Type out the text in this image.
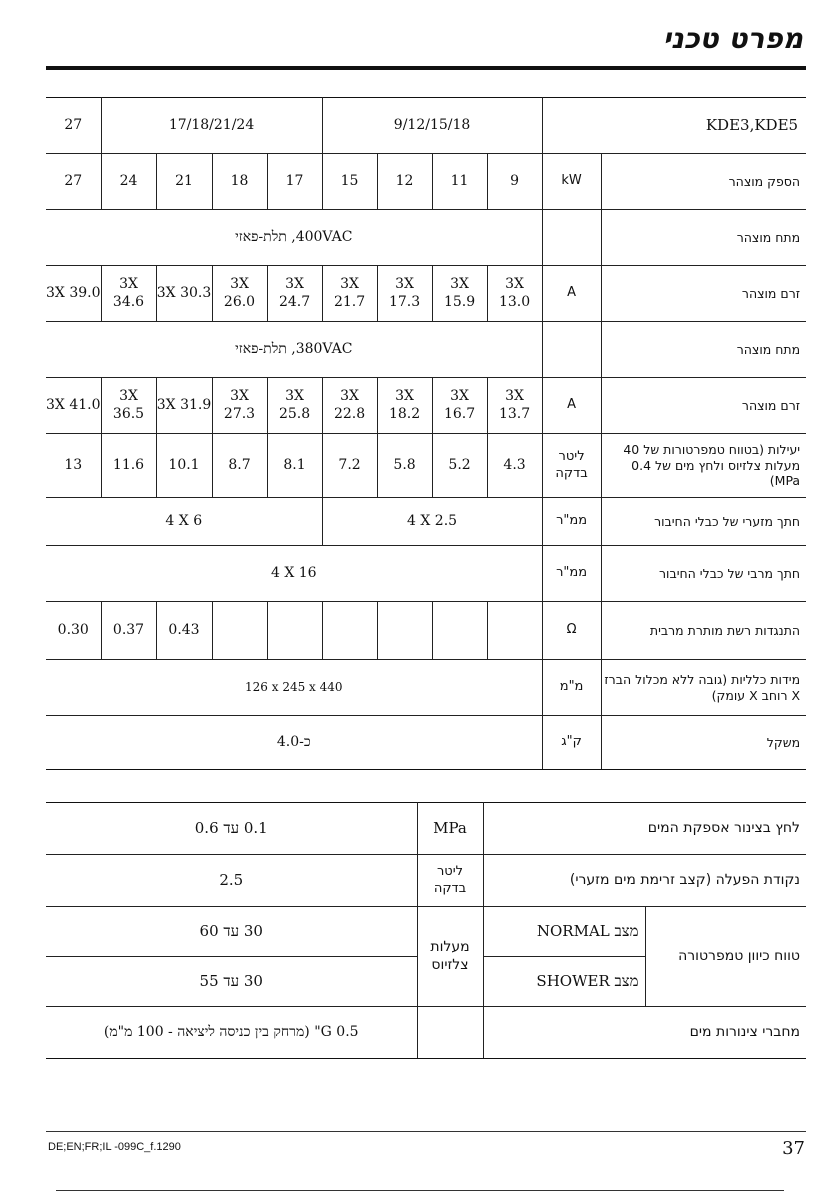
מפרט טכני
27	17/18/21/24				9/12/15/18				KDE3,KDE5	
27	24	21	18	17	15	12	11	9	kW	הספק מוצהר
400VAC, תלת-פאזי										מתח מוצהר
3X 39.0	3X 34.6	3X 30.3	3X 26.0	3X 24.7	3X 21.7	3X 17.3	3X 15.9	3X 13.0	A	זרם מוצהר
380VAC, תלת-פאזי										מתח מוצהר
3X 41.0	3X 36.5	3X 31.9	3X 27.3	3X 25.8	3X 22.8	3X 18.2	3X 16.7	3X 13.7	A	זרם מוצהר
13	11.6	10.1	8.7	8.1	7.2	5.8	5.2	4.3	ליטר בדקה	יעילות (בטווח טמפרטורות של 40 מעלות צלזיוס ולחץ מים של 0.4 MPa)
4 X 6					4 X 2.5				ממ"ר	חתך מזערי של כבלי החיבור
4 X 16									ממ"ר	חתך מרבי של כבלי החיבור
0.30	0.37	0.43							Ω	התנגדות רשת מותרת מרבית
126 x 245 x 440									מ"מ	מידות כלליות (גובה ללא מכלול הברז X רוחב X עומק)
כ-4.0									ק"ג	משקל
0.1 עד 0.6	MPa	לחץ בצינור אספקת המים	
2.5	ליטר בדקה	נקודת הפעלה (קצב זרימת מים מזערי)	
30 עד 60	מעלות צלזיוס	מצב NORMAL	טווח כיוון טמפרטורה
30 עד 55		מצב SHOWER	
G 0.5" (מרחק בין כניסה ליציאה - 100 מ"מ)		מחברי צינורות מים	
DE;EN;FR;IL -099C_f.1290	37
